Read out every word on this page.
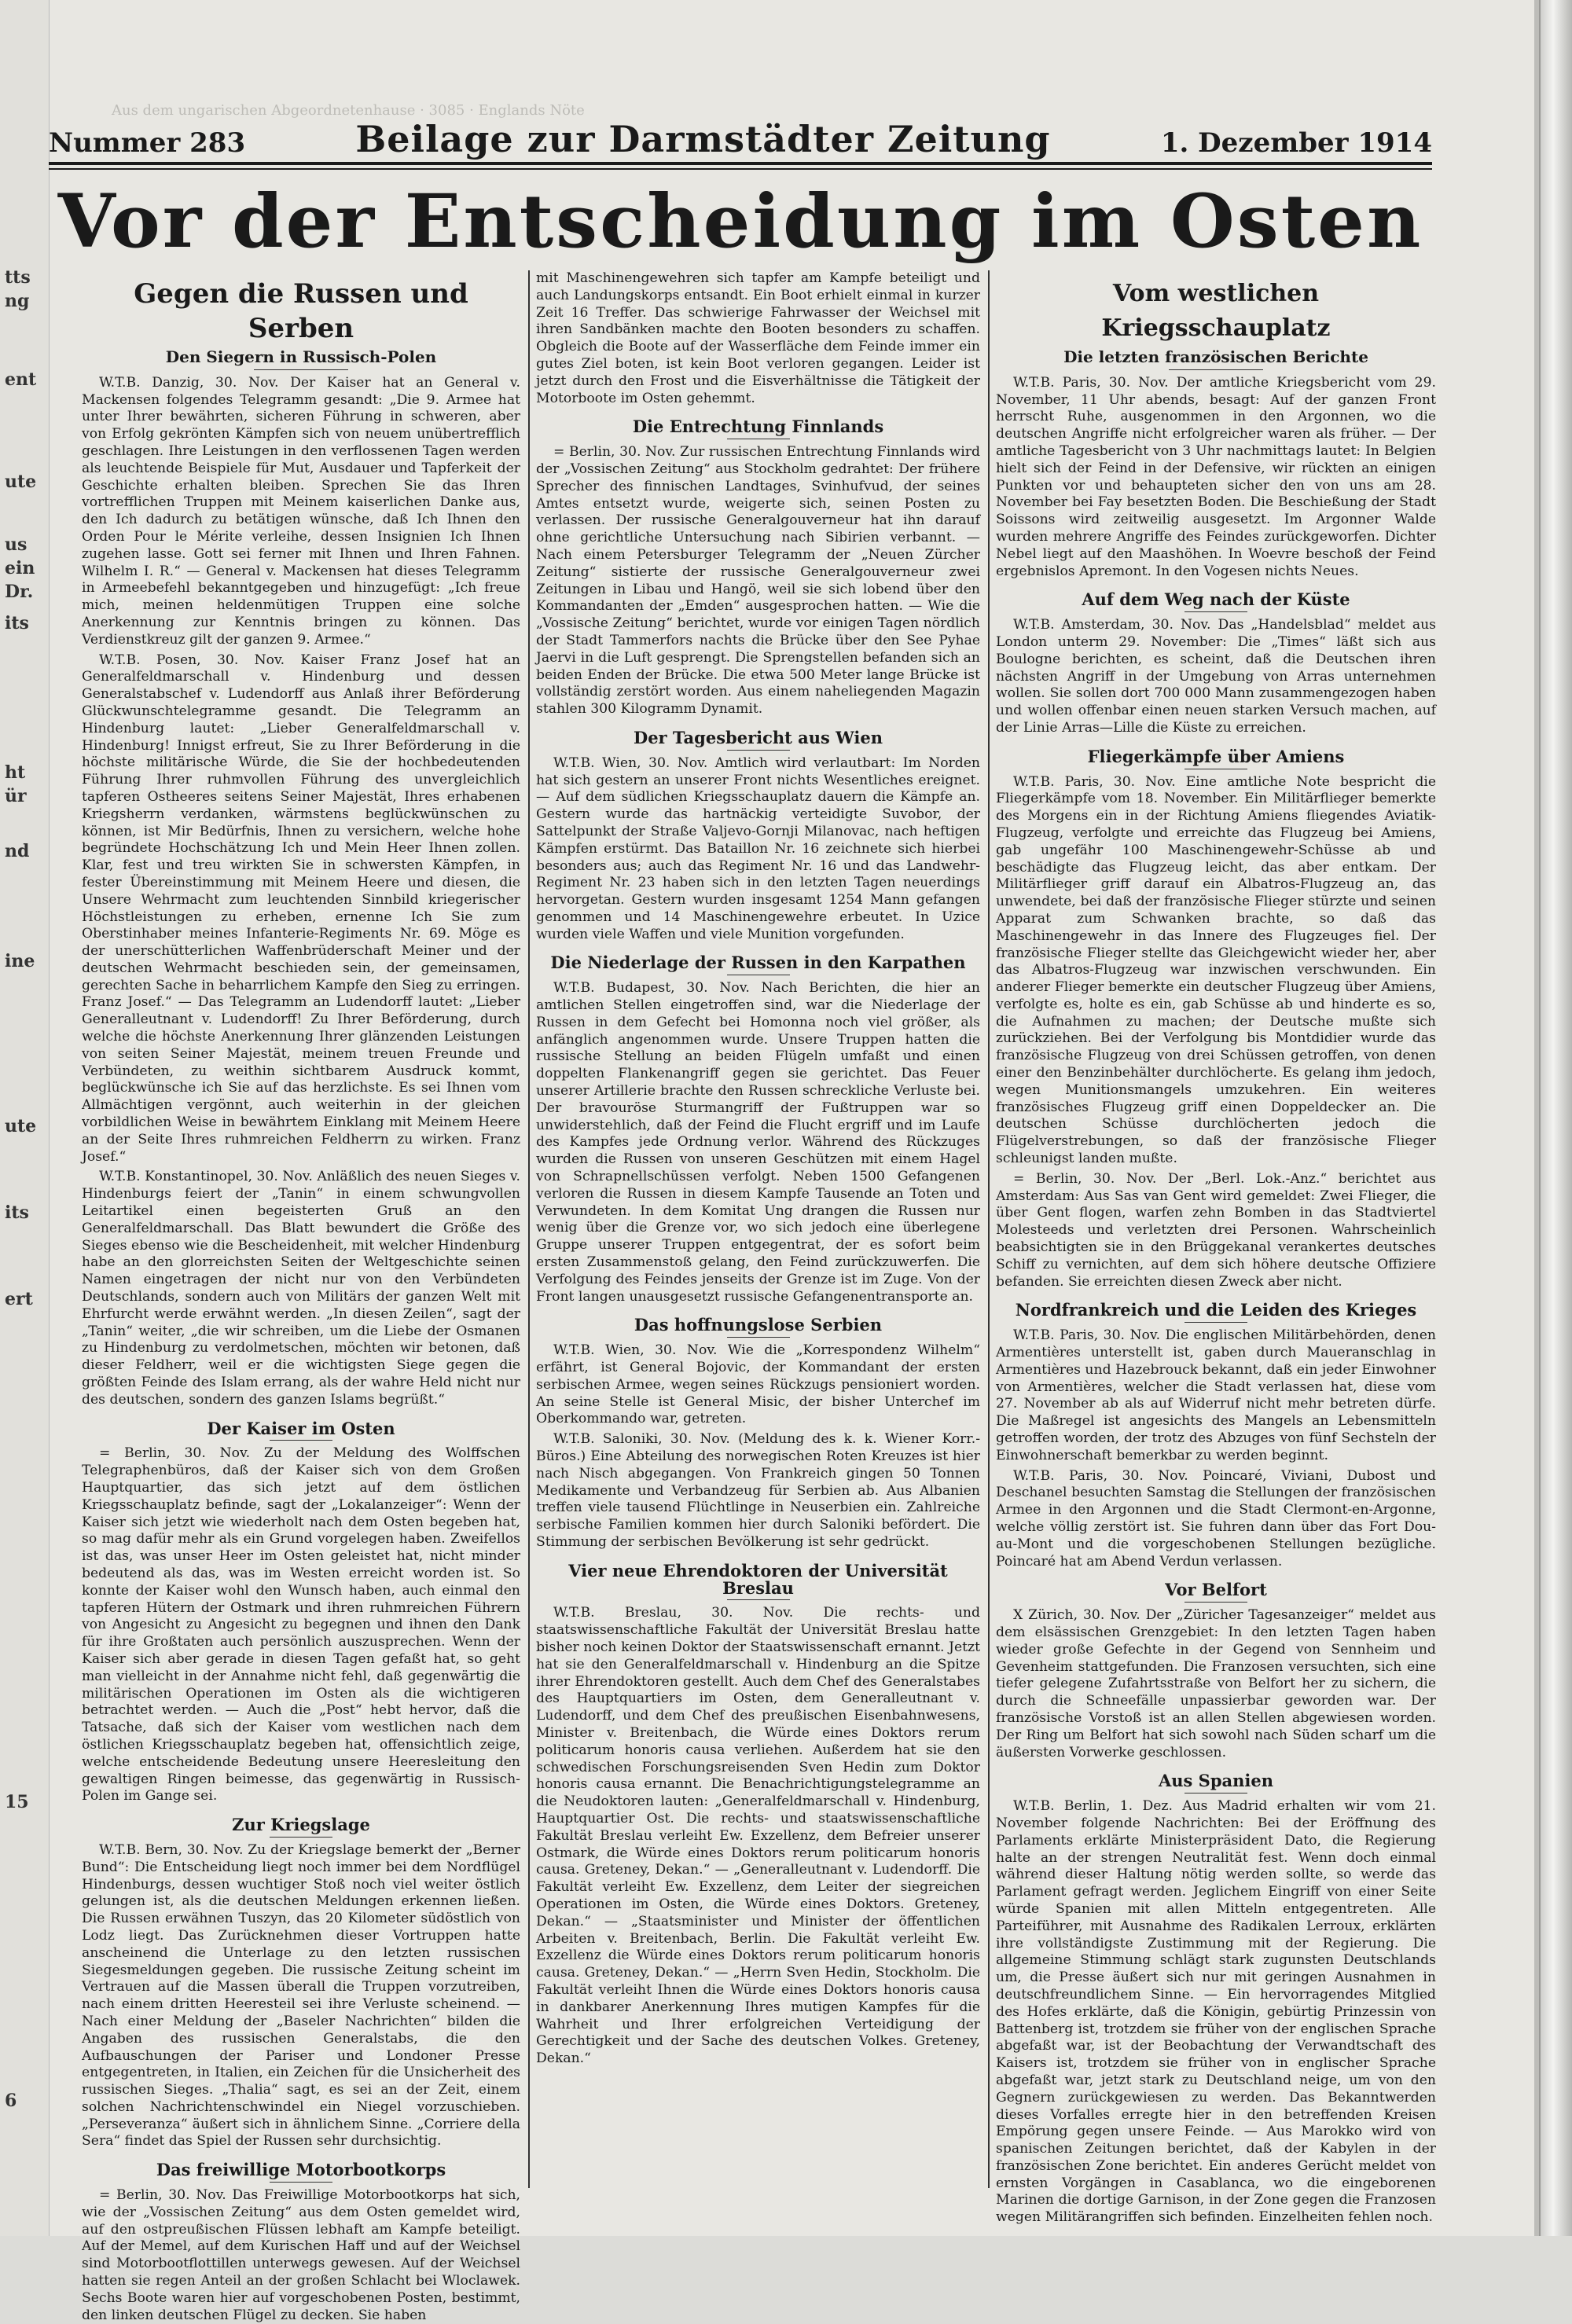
tts
ng
ent
ute
us
ein
Dr.
its
ht
ür
nd
ine
ute
its
ert
15
6
Aus dem ungarischen Abgeordnetenhause · 3085 · Englands Nöte
Nummer 283	Beilage zur Darmstädter Zeitung	1. Dezember 1914
Vor der Entscheidung im Osten
Gegen die Russen und Serben
Den Siegern in Russisch-Polen

W.T.B. Danzig, 30. Nov. Der Kaiser hat an General v. Mackensen folgendes Telegramm gesandt: „Die 9. Armee hat unter Ihrer bewährten, sicheren Führung in schweren, aber von Erfolg gekrönten Kämpfen sich von neuem unübertrefflich geschlagen. Ihre Leistungen in den verflossenen Tagen werden als leuchtende Beispiele für Mut, Ausdauer und Tapferkeit der Geschichte erhalten bleiben. Sprechen Sie das Ihren vortrefflichen Truppen mit Meinem kaiserlichen Danke aus, den Ich dadurch zu betätigen wünsche, daß Ich Ihnen den Orden Pour le Mérite verleihe, dessen Insignien Ich Ihnen zugehen lasse. Gott sei ferner mit Ihnen und Ihren Fahnen. Wilhelm I. R.“ — General v. Mackensen hat dieses Telegramm in Armeebefehl bekanntgegeben und hinzugefügt: „Ich freue mich, meinen heldenmütigen Truppen eine solche Anerkennung zur Kenntnis bringen zu können. Das Verdienstkreuz gilt der ganzen 9. Armee.“

W.T.B. Posen, 30. Nov. Kaiser Franz Josef hat an Generalfeldmarschall v. Hindenburg und dessen Generalstabschef v. Ludendorff aus Anlaß ihrer Beförderung Glückwunschtelegramme gesandt. Die Telegramm an Hindenburg lautet: „Lieber Generalfeldmarschall v. Hindenburg! Innigst erfreut, Sie zu Ihrer Beförderung in die höchste militärische Würde, die Sie der hochbedeutenden Führung Ihrer ruhmvollen Führung des unvergleichlich tapferen Ostheeres seitens Seiner Majestät, Ihres erhabenen Kriegsherrn verdanken, wärmstens beglückwünschen zu können, ist Mir Bedürfnis, Ihnen zu versichern, welche hohe begründete Hochschätzung Ich und Mein Heer Ihnen zollen. Klar, fest und treu wirkten Sie in schwersten Kämpfen, in fester Übereinstimmung mit Meinem Heere und diesen, die Unsere Wehrmacht zum leuchtenden Sinnbild kriegerischer Höchstleistungen zu erheben, ernenne Ich Sie zum Oberstinhaber meines Infanterie-Regiments Nr. 69. Möge es der unerschütterlichen Waffenbrüderschaft Meiner und der deutschen Wehrmacht beschieden sein, der gemeinsamen, gerechten Sache in beharrlichem Kampfe den Sieg zu erringen. Franz Josef.“ — Das Telegramm an Ludendorff lautet: „Lieber Generalleutnant v. Ludendorff! Zu Ihrer Beförderung, durch welche die höchste Anerkennung Ihrer glänzenden Leistungen von seiten Seiner Majestät, meinem treuen Freunde und Verbündeten, zu weithin sichtbarem Ausdruck kommt, beglückwünsche ich Sie auf das herzlichste. Es sei Ihnen vom Allmächtigen vergönnt, auch weiterhin in der gleichen vorbildlichen Weise in bewährtem Einklang mit Meinem Heere an der Seite Ihres ruhmreichen Feldherrn zu wirken. Franz Josef.“

W.T.B. Konstantinopel, 30. Nov. Anläßlich des neuen Sieges v. Hindenburgs feiert der „Tanin“ in einem schwungvollen Leitartikel einen begeisterten Gruß an den Generalfeldmarschall. Das Blatt bewundert die Größe des Sieges ebenso wie die Bescheidenheit, mit welcher Hindenburg habe an den glorreichsten Seiten der Weltgeschichte seinen Namen eingetragen der nicht nur von den Verbündeten Deutschlands, sondern auch von Militärs der ganzen Welt mit Ehrfurcht werde erwähnt werden. „In diesen Zeilen“, sagt der „Tanin“ weiter, „die wir schreiben, um die Liebe der Osmanen zu Hindenburg zu verdolmetschen, möchten wir betonen, daß dieser Feldherr, weil er die wichtigsten Siege gegen die größten Feinde des Islam errang, als der wahre Held nicht nur des deutschen, sondern des ganzen Islams begrüßt.“

Der Kaiser im Osten

= Berlin, 30. Nov. Zu der Meldung des Wolffschen Telegraphenbüros, daß der Kaiser sich von dem Großen Hauptquartier, das sich jetzt auf dem östlichen Kriegsschauplatz befinde, sagt der „Lokalanzeiger“: Wenn der Kaiser sich jetzt wie wiederholt nach dem Osten begeben hat, so mag dafür mehr als ein Grund vorgelegen haben. Zweifellos ist das, was unser Heer im Osten geleistet hat, nicht minder bedeutend als das, was im Westen erreicht worden ist. So konnte der Kaiser wohl den Wunsch haben, auch einmal den tapferen Hütern der Ostmark und ihren ruhmreichen Führern von Angesicht zu Angesicht zu begegnen und ihnen den Dank für ihre Großtaten auch persönlich auszusprechen. Wenn der Kaiser sich aber gerade in diesen Tagen gefaßt hat, so geht man vielleicht in der Annahme nicht fehl, daß gegenwärtig die militärischen Operationen im Osten als die wichtigeren betrachtet werden. — Auch die „Post“ hebt hervor, daß die Tatsache, daß sich der Kaiser vom westlichen nach dem östlichen Kriegsschauplatz begeben hat, offensichtlich zeige, welche entscheidende Bedeutung unsere Heeresleitung den gewaltigen Ringen beimesse, das gegenwärtig in Russisch-Polen im Gange sei.

Zur Kriegslage

W.T.B. Bern, 30. Nov. Zu der Kriegslage bemerkt der „Berner Bund“: Die Entscheidung liegt noch immer bei dem Nordflügel Hindenburgs, dessen wuchtiger Stoß noch viel weiter östlich gelungen ist, als die deutschen Meldungen erkennen ließen. Die Russen erwähnen Tuszyn, das 20 Kilometer südöstlich von Lodz liegt. Das Zurücknehmen dieser Vortruppen hatte anscheinend die Unterlage zu den letzten russischen Siegesmeldungen gegeben. Die russische Zeitung scheint im Vertrauen auf die Massen überall die Truppen vorzutreiben, nach einem dritten Heeresteil sei ihre Verluste scheinend. — Nach einer Meldung der „Baseler Nachrichten“ bilden die Angaben des russischen Generalstabs, die den Aufbauschungen der Pariser und Londoner Presse entgegentreten, in Italien, ein Zeichen für die Unsicherheit des russischen Sieges. „Thalia“ sagt, es sei an der Zeit, einem solchen Nachrichtenschwindel ein Niegel vorzuschieben. „Perseveranza“ äußert sich in ähnlichem Sinne. „Corriere della Sera“ findet das Spiel der Russen sehr durchsichtig.

Das freiwillige Motorbootkorps

= Berlin, 30. Nov. Das Freiwillige Motorbootkorps hat sich, wie der „Vossischen Zeitung“ aus dem Osten gemeldet wird, auf den ostpreußischen Flüssen lebhaft am Kampfe beteiligt. Auf der Memel, auf dem Kurischen Haff und auf der Weichsel sind Motorbootflottillen unterwegs gewesen. Auf der Weichsel hatten sie regen Anteil an der großen Schlacht bei Wloclawek. Sechs Boote waren hier auf vorgeschobenen Posten, bestimmt, den linken deutschen Flügel zu decken. Sie haben

mit Maschinengewehren sich tapfer am Kampfe beteiligt und auch Landungskorps entsandt. Ein Boot erhielt einmal in kurzer Zeit 16 Treffer. Das schwierige Fahrwasser der Weichsel mit ihren Sandbänken machte den Booten besonders zu schaffen. Obgleich die Boote auf der Wasserfläche dem Feinde immer ein gutes Ziel boten, ist kein Boot verloren gegangen. Leider ist jetzt durch den Frost und die Eisverhältnisse die Tätigkeit der Motorboote im Osten gehemmt.

Die Entrechtung Finnlands

= Berlin, 30. Nov. Zur russischen Entrechtung Finnlands wird der „Vossischen Zeitung“ aus Stockholm gedrahtet: Der frühere Sprecher des finnischen Landtages, Svinhufvud, der seines Amtes entsetzt wurde, weigerte sich, seinen Posten zu verlassen. Der russische Generalgouverneur hat ihn darauf ohne gerichtliche Untersuchung nach Sibirien verbannt. — Nach einem Petersburger Telegramm der „Neuen Zürcher Zeitung“ sistierte der russische Generalgouverneur zwei Zeitungen in Libau und Hangö, weil sie sich lobend über den Kommandanten der „Emden“ ausgesprochen hatten. — Wie die „Vossische Zeitung“ berichtet, wurde vor einigen Tagen nördlich der Stadt Tammerfors nachts die Brücke über den See Pyhae Jaervi in die Luft gesprengt. Die Sprengstellen befanden sich an beiden Enden der Brücke. Die etwa 500 Meter lange Brücke ist vollständig zerstört worden. Aus einem naheliegenden Magazin stahlen 300 Kilogramm Dynamit.

Der Tagesbericht aus Wien

W.T.B. Wien, 30. Nov. Amtlich wird verlautbart: Im Norden hat sich gestern an unserer Front nichts Wesentliches ereignet. — Auf dem südlichen Kriegsschauplatz dauern die Kämpfe an. Gestern wurde das hartnäckig verteidigte Suvobor, der Sattelpunkt der Straße Valjevo-Gornji Milanovac, nach heftigen Kämpfen erstürmt. Das Bataillon Nr. 16 zeichnete sich hierbei besonders aus; auch das Regiment Nr. 16 und das Landwehr-Regiment Nr. 23 haben sich in den letzten Tagen neuerdings hervorgetan. Gestern wurden insgesamt 1254 Mann gefangen genommen und 14 Maschinengewehre erbeutet. In Uzice wurden viele Waffen und viele Munition vorgefunden.

Die Niederlage der Russen in den Karpathen

W.T.B. Budapest, 30. Nov. Nach Berichten, die hier an amtlichen Stellen eingetroffen sind, war die Niederlage der Russen in dem Gefecht bei Homonna noch viel größer, als anfänglich angenommen wurde. Unsere Truppen hatten die russische Stellung an beiden Flügeln umfaßt und einen doppelten Flankenangriff gegen sie gerichtet. Das Feuer unserer Artillerie brachte den Russen schreckliche Verluste bei. Der bravouröse Sturmangriff der Fußtruppen war so unwiderstehlich, daß der Feind die Flucht ergriff und im Laufe des Kampfes jede Ordnung verlor. Während des Rückzuges wurden die Russen von unseren Geschützen mit einem Hagel von Schrapnellschüssen verfolgt. Neben 1500 Gefangenen verloren die Russen in diesem Kampfe Tausende an Toten und Verwundeten. In dem Komitat Ung drangen die Russen nur wenig über die Grenze vor, wo sich jedoch eine überlegene Gruppe unserer Truppen entgegentrat, der es sofort beim ersten Zusammenstoß gelang, den Feind zurückzuwerfen. Die Verfolgung des Feindes jenseits der Grenze ist im Zuge. Von der Front langen unausgesetzt russische Gefangenentransporte an.

Das hoffnungslose Serbien

W.T.B. Wien, 30. Nov. Wie die „Korrespondenz Wilhelm“ erfährt, ist General Bojovic, der Kommandant der ersten serbischen Armee, wegen seines Rückzugs pensioniert worden. An seine Stelle ist General Misic, der bisher Unterchef im Oberkommando war, getreten.

W.T.B. Saloniki, 30. Nov. (Meldung des k. k. Wiener Korr.-Büros.) Eine Abteilung des norwegischen Roten Kreuzes ist hier nach Nisch abgegangen. Von Frankreich gingen 50 Tonnen Medikamente und Verbandzeug für Serbien ab. Aus Albanien treffen viele tausend Flüchtlinge in Neuserbien ein. Zahlreiche serbische Familien kommen hier durch Saloniki befördert. Die Stimmung der serbischen Bevölkerung ist sehr gedrückt.

Vier neue Ehrendoktoren der Universität Breslau

W.T.B. Breslau, 30. Nov. Die rechts- und staatswissenschaftliche Fakultät der Universität Breslau hatte bisher noch keinen Doktor der Staatswissenschaft ernannt. Jetzt hat sie den Generalfeldmarschall v. Hindenburg an die Spitze ihrer Ehrendoktoren gestellt. Auch dem Chef des Generalstabes des Hauptquartiers im Osten, dem Generalleutnant v. Ludendorff, und dem Chef des preußischen Eisenbahnwesens, Minister v. Breitenbach, die Würde eines Doktors rerum politicarum honoris causa verliehen. Außerdem hat sie den schwedischen Forschungsreisenden Sven Hedin zum Doktor honoris causa ernannt. Die Benachrichtigungstelegramme an die Neudoktoren lauten: „Generalfeldmarschall v. Hindenburg, Hauptquartier Ost. Die rechts- und staatswissenschaftliche Fakultät Breslau verleiht Ew. Exzellenz, dem Befreier unserer Ostmark, die Würde eines Doktors rerum politicarum honoris causa. Greteney, Dekan.“ — „Generalleutnant v. Ludendorff. Die Fakultät verleiht Ew. Exzellenz, dem Leiter der siegreichen Operationen im Osten, die Würde eines Doktors. Greteney, Dekan.“ — „Staatsminister und Minister der öffentlichen Arbeiten v. Breitenbach, Berlin. Die Fakultät verleiht Ew. Exzellenz die Würde eines Doktors rerum politicarum honoris causa. Greteney, Dekan.“ — „Herrn Sven Hedin, Stockholm. Die Fakultät verleiht Ihnen die Würde eines Doktors honoris causa in dankbarer Anerkennung Ihres mutigen Kampfes für die Wahrheit und Ihrer erfolgreichen Verteidigung der Gerechtigkeit und der Sache des deutschen Volkes. Greteney, Dekan.“

Vom westlichen Kriegsschauplatz
Die letzten französischen Berichte

W.T.B. Paris, 30. Nov. Der amtliche Kriegsbericht vom 29. November, 11 Uhr abends, besagt: Auf der ganzen Front herrscht Ruhe, ausgenommen in den Argonnen, wo die deutschen Angriffe nicht erfolgreicher waren als früher. — Der amtliche Tagesbericht von 3 Uhr nachmittags lautet: In Belgien hielt sich der Feind in der Defensive, wir rückten an einigen Punkten vor und behaupteten sicher den von uns am 28. November bei Fay besetzten Boden. Die Beschießung der Stadt Soissons wird zeitweilig ausgesetzt. Im Argonner Walde wurden mehrere Angriffe des Feindes zurückgeworfen. Dichter Nebel liegt auf den Maashöhen. In Woevre beschoß der Feind ergebnislos Apremont. In den Vogesen nichts Neues.

Auf dem Weg nach der Küste

W.T.B. Amsterdam, 30. Nov. Das „Handelsblad“ meldet aus London unterm 29. November: Die „Times“ läßt sich aus Boulogne berichten, es scheint, daß die Deutschen ihren nächsten Angriff in der Umgebung von Arras unternehmen wollen. Sie sollen dort 700 000 Mann zusammengezogen haben und wollen offenbar einen neuen starken Versuch machen, auf der Linie Arras—Lille die Küste zu erreichen.

Fliegerkämpfe über Amiens

W.T.B. Paris, 30. Nov. Eine amtliche Note bespricht die Fliegerkämpfe vom 18. November. Ein Militärflieger bemerkte des Morgens ein in der Richtung Amiens fliegendes Aviatik-Flugzeug, verfolgte und erreichte das Flugzeug bei Amiens, gab ungefähr 100 Maschinengewehr-Schüsse ab und beschädigte das Flugzeug leicht, das aber entkam. Der Militärflieger griff darauf ein Albatros-Flugzeug an, das unwendete, bei daß der französische Flieger stürzte und seinen Apparat zum Schwanken brachte, so daß das Maschinengewehr in das Innere des Flugzeuges fiel. Der französische Flieger stellte das Gleichgewicht wieder her, aber das Albatros-Flugzeug war inzwischen verschwunden. Ein anderer Flieger bemerkte ein deutscher Flugzeug über Amiens, verfolgte es, holte es ein, gab Schüsse ab und hinderte es so, die Aufnahmen zu machen; der Deutsche mußte sich zurückziehen. Bei der Verfolgung bis Montdidier wurde das französische Flugzeug von drei Schüssen getroffen, von denen einer den Benzinbehälter durchlöcherte. Es gelang ihm jedoch, wegen Munitionsmangels umzukehren. Ein weiteres französisches Flugzeug griff einen Doppeldecker an. Die deutschen Schüsse durchlöcherten jedoch die Flügelverstrebungen, so daß der französische Flieger schleunigst landen mußte.

= Berlin, 30. Nov. Der „Berl. Lok.-Anz.“ berichtet aus Amsterdam: Aus Sas van Gent wird gemeldet: Zwei Flieger, die über Gent flogen, warfen zehn Bomben in das Stadtviertel Molesteeds und verletzten drei Personen. Wahrscheinlich beabsichtigten sie in den Brüggekanal verankertes deutsches Schiff zu vernichten, auf dem sich höhere deutsche Offiziere befanden. Sie erreichten diesen Zweck aber nicht.

Nordfrankreich und die Leiden des Krieges

W.T.B. Paris, 30. Nov. Die englischen Militärbehörden, denen Armentières unterstellt ist, gaben durch Maueranschlag in Armentières und Hazebrouck bekannt, daß ein jeder Einwohner von Armentières, welcher die Stadt verlassen hat, diese vom 27. November ab als auf Widerruf nicht mehr betreten dürfe. Die Maßregel ist angesichts des Mangels an Lebensmitteln getroffen worden, der trotz des Abzuges von fünf Sechsteln der Einwohnerschaft bemerkbar zu werden beginnt.

W.T.B. Paris, 30. Nov. Poincaré, Viviani, Dubost und Deschanel besuchten Samstag die Stellungen der französischen Armee in den Argonnen und die Stadt Clermont-en-Argonne, welche völlig zerstört ist. Sie fuhren dann über das Fort Dou-au-Mont und die vorgeschobenen Stellungen bezügliche. Poincaré hat am Abend Verdun verlassen.

Vor Belfort

X Zürich, 30. Nov. Der „Züricher Tagesanzeiger“ meldet aus dem elsässischen Grenzgebiet: In den letzten Tagen haben wieder große Gefechte in der Gegend von Sennheim und Gevenheim stattgefunden. Die Franzosen versuchten, sich eine tiefer gelegene Zufahrtsstraße von Belfort her zu sichern, die durch die Schneefälle unpassierbar geworden war. Der französische Vorstoß ist an allen Stellen abgewiesen worden. Der Ring um Belfort hat sich sowohl nach Süden scharf um die äußersten Vorwerke geschlossen.

Aus Spanien

W.T.B. Berlin, 1. Dez. Aus Madrid erhalten wir vom 21. November folgende Nachrichten: Bei der Eröffnung des Parlaments erklärte Ministerpräsident Dato, die Regierung halte an der strengen Neutralität fest. Wenn doch einmal während dieser Haltung nötig werden sollte, so werde das Parlament gefragt werden. Jeglichem Eingriff von einer Seite würde Spanien mit allen Mitteln entgegentreten. Alle Parteiführer, mit Ausnahme des Radikalen Lerroux, erklärten ihre vollständigste Zustimmung mit der Regierung. Die allgemeine Stimmung schlägt stark zugunsten Deutschlands um, die Presse äußert sich nur mit geringen Ausnahmen in deutschfreundlichem Sinne. — Ein hervorragendes Mitglied des Hofes erklärte, daß die Königin, gebürtig Prinzessin von Battenberg ist, trotzdem sie früher von der englischen Sprache abgefaßt war, ist der Beobachtung der Verwandtschaft des Kaisers ist, trotzdem sie früher von in englischer Sprache abgefaßt war, jetzt stark zu Deutschland neige, um von den Gegnern zurückgewiesen zu werden. Das Bekanntwerden dieses Vorfalles erregte hier in den betreffenden Kreisen Empörung gegen unsere Feinde. — Aus Marokko wird von spanischen Zeitungen berichtet, daß der Kabylen in der französischen Zone berichtet. Ein anderes Gerücht meldet von ernsten Vorgängen in Casablanca, wo die eingeborenen Marinen die dortige Garnison, in der Zone gegen die Franzosen wegen Militärangriffen sich befinden. Einzelheiten fehlen noch.
